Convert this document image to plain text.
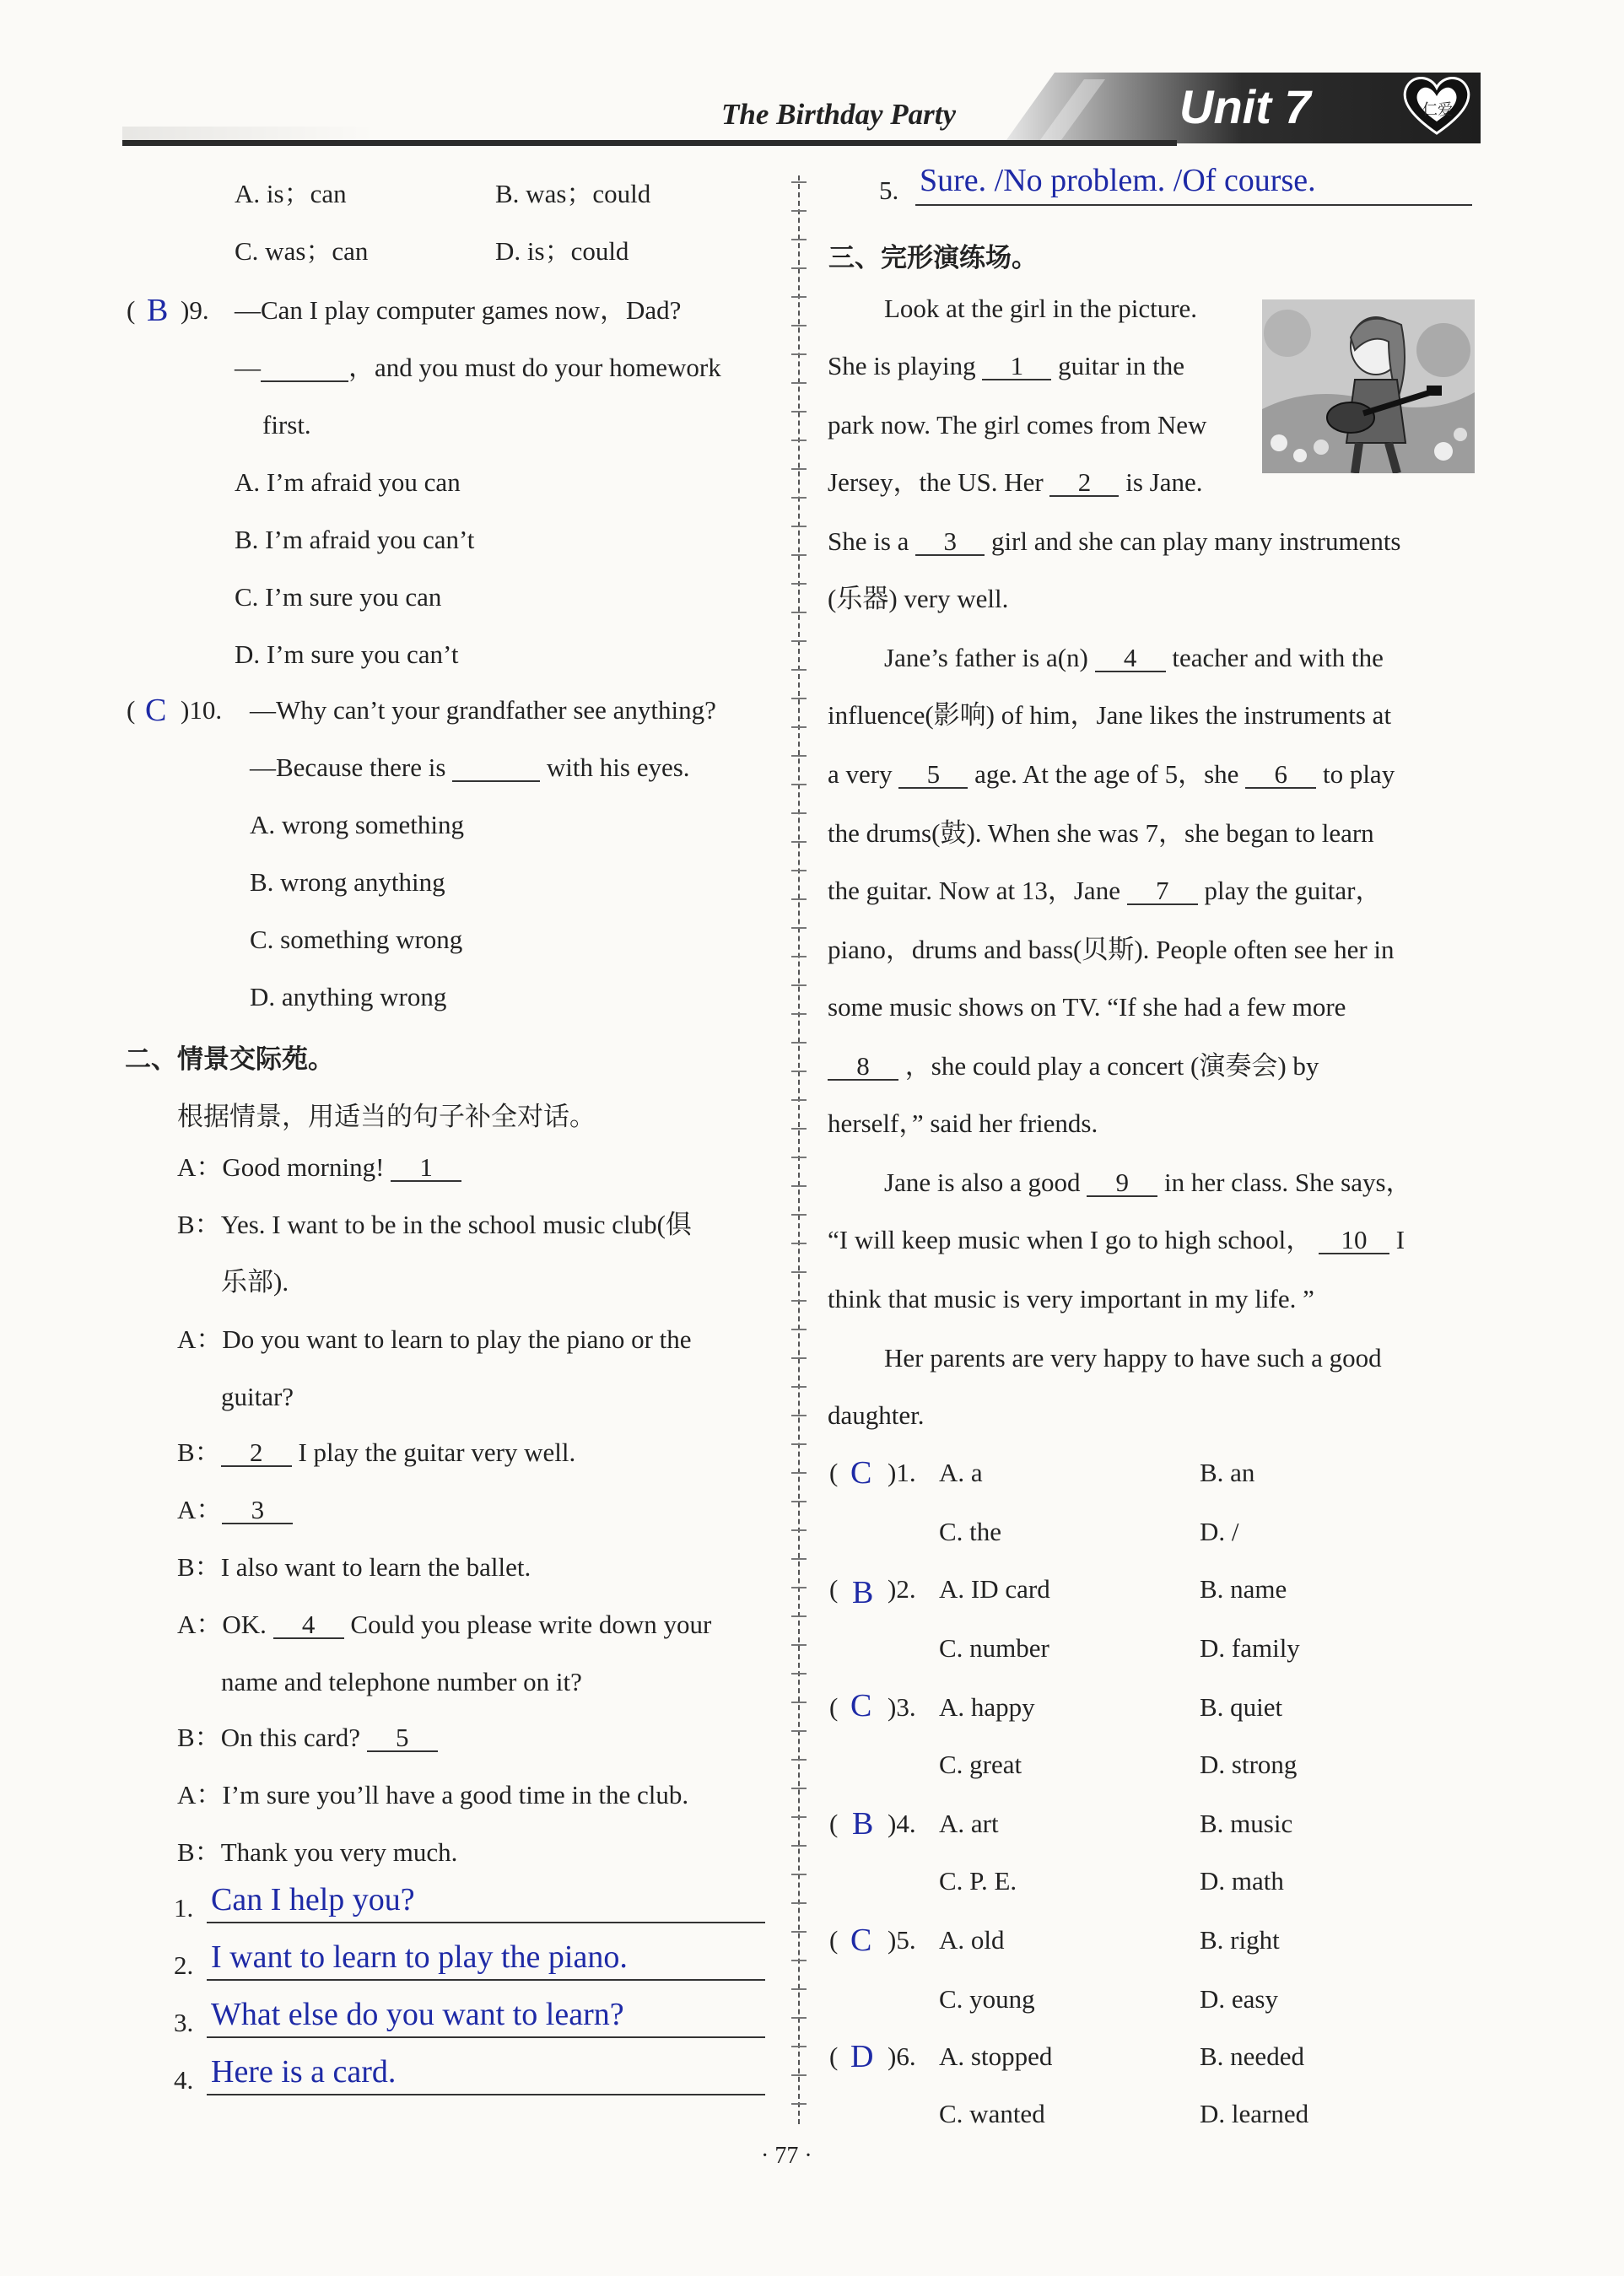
The Birthday Party	Unit 7	仁爱
A. is；can	B. was；could
C. was；can	D. is；could
( B )9. —Can I play computer games now，Dad?
—	，and you must do your homework
first.
A. I’m afraid you can
B. I’m afraid you can’t
C. I’m sure you can
D. I’m sure you can’t
( C )10. —Why can’t your grandfather see anything?
—Because there is	with his eyes.
A. wrong something
B. wrong anything
C. something wrong
D. anything wrong
二、情景交际苑。
根据情景，用适当的句子补全对话。
A：Good morning! 1
B：Yes. I want to be in the school music club(俱
乐部).
A：Do you want to learn to play the piano or the
guitar?
B： 2 I play the guitar very well.
A： 3
B：I also want to learn the ballet.
A：OK. 4 Could you please write down your
name and telephone number on it?
B：On this card? 5
A：I’m sure you’ll have a good time in the club.
B：Thank you very much.
1. Can I help you?
2. I want to learn to play the piano.
3. What else do you want to learn?
4. Here is a card.
5. Sure. /No problem. /Of course.
三、完形演练场。
Look at the girl in the picture.
She is playing 1 guitar in the
park now. The girl comes from New
Jersey，the US. Her 2 is Jane.
She is a 3 girl and she can play many instruments
(乐器) very well.
Jane’s father is a(n) 4 teacher and with the
influence(影响) of him，Jane likes the instruments at
a very 5 age. At the age of 5，she 6 to play
the drums(鼓). When she was 7，she began to learn
the guitar. Now at 13，Jane 7 play the guitar，
piano，drums and bass(贝斯). People often see her in
some music shows on TV. “If she had a few more
8 ，she could play a concert (演奏会) by
herself，” said her friends.
Jane is also a good 9 in her class. She says，
“I will keep music when I go to high school， 10 I
think that music is very important in my life. ”
Her parents are very happy to have such a good
daughter.
( C )1. A. a	B. an
C. the	D. /
( B )2. A. ID card	B. name
C. number	D. family
( C )3. A. happy	B. quiet
C. great	D. strong
( B )4. A. art	B. music
C. P. E.	D. math
( C )5. A. old	B. right
C. young	D. easy
( D )6. A. stopped	B. needed
C. wanted	D. learned
· 77 ·
